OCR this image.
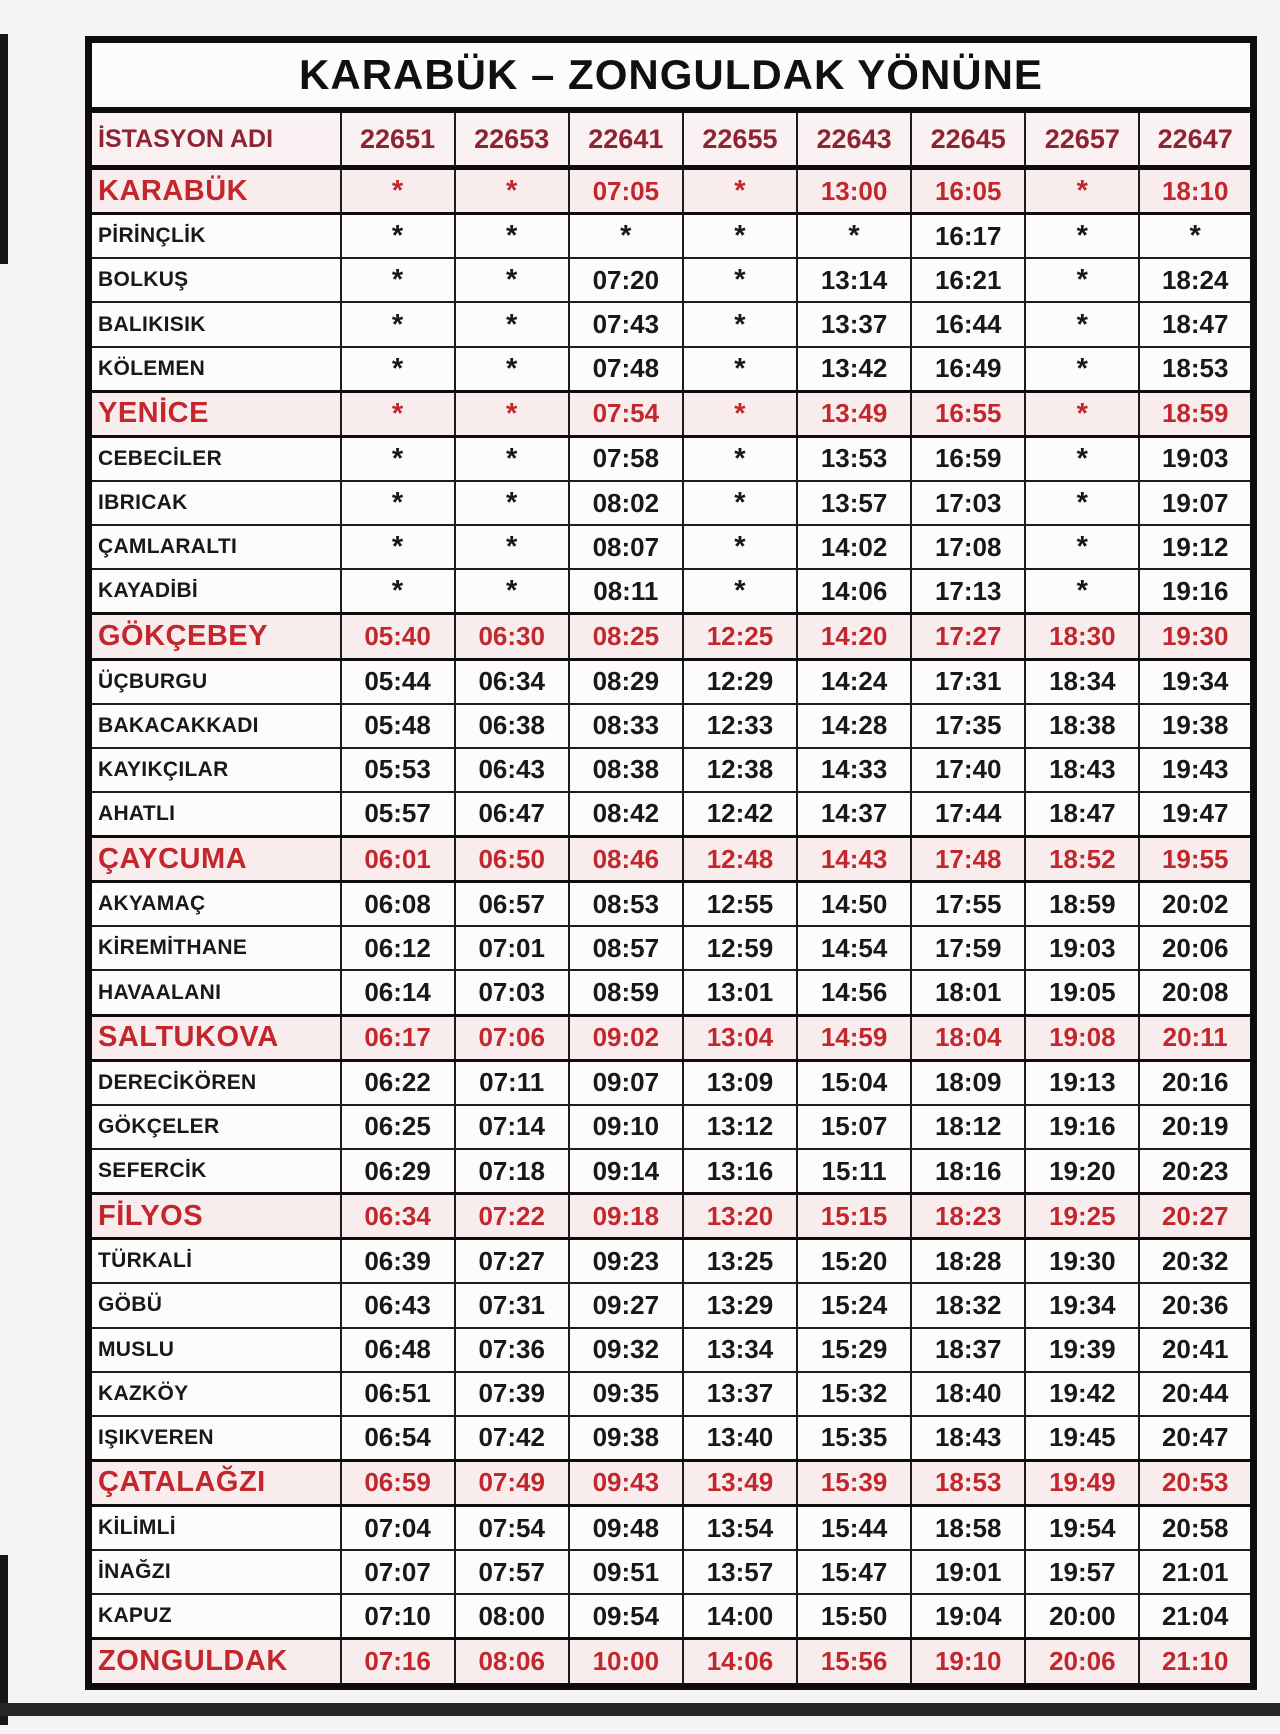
KARABÜK – ZONGULDAK YÖNÜNE								
İSTASYON ADI	22651	22653	22641	22655	22643	22645	22657	22647
KARABÜK	*	*	07:05	*	13:00	16:05	*	18:10
PİRİNÇLİK	*	*	*	*	*	16:17	*	*
BOLKUŞ	*	*	07:20	*	13:14	16:21	*	18:24
BALIKISIK	*	*	07:43	*	13:37	16:44	*	18:47
KÖLEMEN	*	*	07:48	*	13:42	16:49	*	18:53
YENİCE	*	*	07:54	*	13:49	16:55	*	18:59
CEBECİLER	*	*	07:58	*	13:53	16:59	*	19:03
IBRICAK	*	*	08:02	*	13:57	17:03	*	19:07
ÇAMLARALTI	*	*	08:07	*	14:02	17:08	*	19:12
KAYADİBİ	*	*	08:11	*	14:06	17:13	*	19:16
GÖKÇEBEY	05:40	06:30	08:25	12:25	14:20	17:27	18:30	19:30
ÜÇBURGU	05:44	06:34	08:29	12:29	14:24	17:31	18:34	19:34
BAKACAKKADI	05:48	06:38	08:33	12:33	14:28	17:35	18:38	19:38
KAYIKÇILAR	05:53	06:43	08:38	12:38	14:33	17:40	18:43	19:43
AHATLI	05:57	06:47	08:42	12:42	14:37	17:44	18:47	19:47
ÇAYCUMA	06:01	06:50	08:46	12:48	14:43	17:48	18:52	19:55
AKYAMAÇ	06:08	06:57	08:53	12:55	14:50	17:55	18:59	20:02
KİREMİTHANE	06:12	07:01	08:57	12:59	14:54	17:59	19:03	20:06
HAVAALANI	06:14	07:03	08:59	13:01	14:56	18:01	19:05	20:08
SALTUKOVA	06:17	07:06	09:02	13:04	14:59	18:04	19:08	20:11
DERECİKÖREN	06:22	07:11	09:07	13:09	15:04	18:09	19:13	20:16
GÖKÇELER	06:25	07:14	09:10	13:12	15:07	18:12	19:16	20:19
SEFERCİK	06:29	07:18	09:14	13:16	15:11	18:16	19:20	20:23
FİLYOS	06:34	07:22	09:18	13:20	15:15	18:23	19:25	20:27
TÜRKALİ	06:39	07:27	09:23	13:25	15:20	18:28	19:30	20:32
GÖBÜ	06:43	07:31	09:27	13:29	15:24	18:32	19:34	20:36
MUSLU	06:48	07:36	09:32	13:34	15:29	18:37	19:39	20:41
KAZKÖY	06:51	07:39	09:35	13:37	15:32	18:40	19:42	20:44
IŞIKVEREN	06:54	07:42	09:38	13:40	15:35	18:43	19:45	20:47
ÇATALAĞZI	06:59	07:49	09:43	13:49	15:39	18:53	19:49	20:53
KİLİMLİ	07:04	07:54	09:48	13:54	15:44	18:58	19:54	20:58
İNAĞZI	07:07	07:57	09:51	13:57	15:47	19:01	19:57	21:01
KAPUZ	07:10	08:00	09:54	14:00	15:50	19:04	20:00	21:04
ZONGULDAK	07:16	08:06	10:00	14:06	15:56	19:10	20:06	21:10
